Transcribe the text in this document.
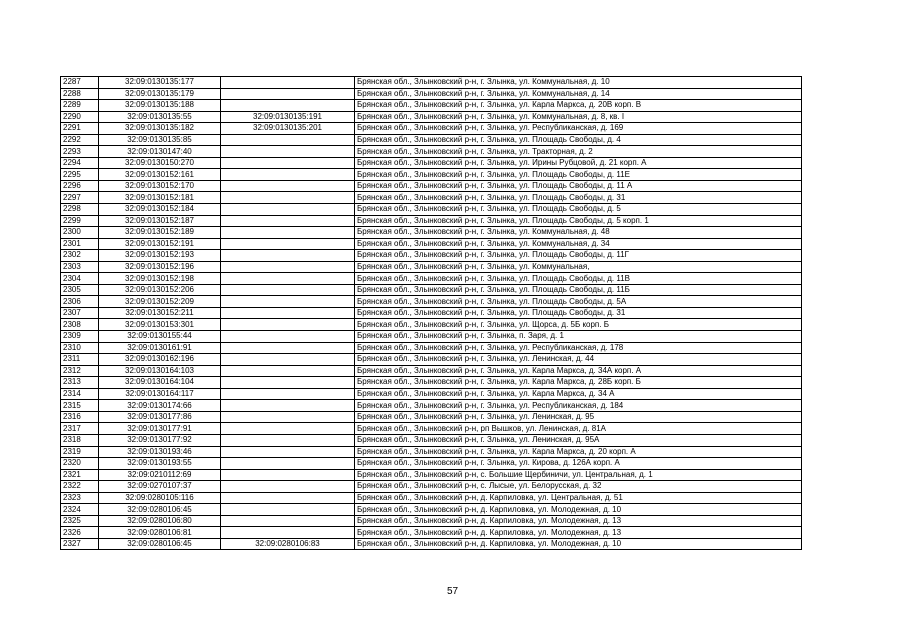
2287	32:09:0130135:177		Брянская обл., Злынковский р-н, г. Злынка, ул. Коммунальная, д. 10
2288	32:09:0130135:179		Брянская обл., Злынковский р-н, г. Злынка, ул. Коммунальная, д. 14
2289	32:09:0130135:188		Брянская обл., Злынковский р-н, г. Злынка, ул. Карла Маркса, д. 20В корп. В
2290	32:09:0130135:55	32:09:0130135:191	Брянская обл., Злынковский р-н, г. Злынка, ул. Коммунальная, д. 8, кв. I
2291	32:09:0130135:182	32:09:0130135:201	Брянская обл., Злынковский р-н, г. Злынка, ул. Республиканская, д. 169
2292	32:09:0130135:85		Брянская обл., Злынковский р-н, г. Злынка, ул. Площадь Свободы, д. 4
2293	32:09:0130147:40		Брянская обл., Злынковский р-н, г. Злынка, ул. Тракторная, д. 2
2294	32:09:0130150:270		Брянская обл., Злынковский р-н, г. Злынка, ул. Ирины Рубцовой, д. 21 корп. А
2295	32:09:0130152:161		Брянская обл., Злынковский р-н, г. Злынка, ул. Площадь Свободы, д. 11Е
2296	32:09:0130152:170		Брянская обл., Злынковский р-н, г. Злынка, ул. Площадь Свободы, д. 11 А
2297	32:09:0130152:181		Брянская обл., Злынковский р-н, г. Злынка, ул. Площадь Свободы, д. 31
2298	32:09:0130152:184		Брянская обл., Злынковский р-н, г. Злынка, ул. Площадь Свободы, д. 5
2299	32:09:0130152:187		Брянская обл., Злынковский р-н, г. Злынка, ул. Площадь Свободы, д. 5 корп. 1
2300	32:09:0130152:189		Брянская обл., Злынковский р-н, г. Злынка, ул. Коммунальная, д. 48
2301	32:09:0130152:191		Брянская обл., Злынковский р-н, г. Злынка, ул. Коммунальная, д. 34
2302	32:09:0130152:193		Брянская обл., Злынковский р-н, г. Злынка, ул. Площадь Свободы, д. 11Г
2303	32:09:0130152:196		Брянская обл., Злынковский р-н, г. Злынка, ул. Коммунальная,
2304	32:09:0130152:198		Брянская обл., Злынковский р-н, г. Злынка, ул. Площадь Свободы, д. 11В
2305	32:09:0130152:206		Брянская обл., Злынковский р-н, г. Злынка, ул. Площадь Свободы, д. 11Б
2306	32:09:0130152:209		Брянская обл., Злынковский р-н, г. Злынка, ул. Площадь Свободы, д. 5А
2307	32:09:0130152:211		Брянская обл., Злынковский р-н, г. Злынка, ул. Площадь Свободы, д. 31
2308	32:09:0130153:301		Брянская обл., Злынковский р-н, г. Злынка, ул. Щорса, д. 5Б корп. Б
2309	32:09:0130155:44		Брянская обл., Злынковский р-н, г. Злынка, п. Заря, д. 1
2310	32:09:0130161:91		Брянская обл., Злынковский р-н, г. Злынка, ул. Республиканская, д. 178
2311	32:09:0130162:196		Брянская обл., Злынковский р-н, г. Злынка, ул. Ленинская, д. 44
2312	32:09:0130164:103		Брянская обл., Злынковский р-н, г. Злынка, ул. Карла Маркса, д. 34А корп. А
2313	32:09:0130164:104		Брянская обл., Злынковский р-н, г. Злынка, ул. Карла Маркса, д. 28Б корп. Б
2314	32:09:0130164:117		Брянская обл., Злынковский р-н, г. Злынка, ул. Карла Маркса, д. 34 А
2315	32:09:0130174:66		Брянская обл., Злынковский р-н, г. Злынка, ул. Республиканская, д. 184
2316	32:09:0130177:86		Брянская обл., Злынковский р-н, г. Злынка, ул. Ленинская, д. 95
2317	32:09:0130177:91		Брянская обл., Злынковский р-н, рп Вышков, ул. Ленинская, д. 81А
2318	32:09:0130177:92		Брянская обл., Злынковский р-н, г. Злынка, ул. Ленинская, д. 95А
2319	32:09:0130193:46		Брянская обл., Злынковский р-н, г. Злынка, ул. Карла Маркса, д. 20 корп. А
2320	32:09:0130193:55		Брянская обл., Злынковский р-н, г. Злынка, ул. Кирова, д. 126А корп. А
2321	32:09:0210112:69		Брянская обл., Злынковский р-н, с. Большие Щербиничи, ул. Центральная, д. 1
2322	32:09:0270107:37		Брянская обл., Злынковский р-н, с. Лысые, ул. Белорусская, д. 32
2323	32:09:0280105:116		Брянская обл., Злынковский р-н, д. Карпиловка, ул. Центральная, д. 51
2324	32:09:0280106:45		Брянская обл., Злынковский р-н, д. Карпиловка, ул. Молодежная, д. 10
2325	32:09:0280106:80		Брянская обл., Злынковский р-н, д. Карпиловка, ул. Молодежная, д. 13
2326	32:09:0280106:81		Брянская обл., Злынковский р-н, д. Карпиловка, ул. Молодежная, д. 13
2327	32:09:0280106:45	32:09:0280106:83	Брянская обл., Злынковский р-н, д. Карпиловка, ул. Молодежная, д. 10
57
